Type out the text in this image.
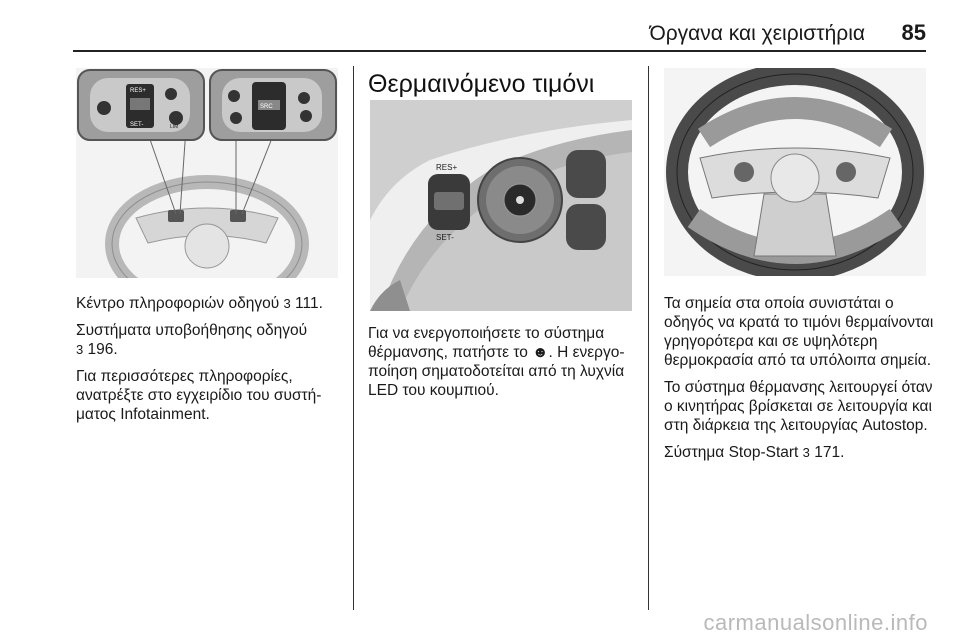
Όργανα και χειριστήρια 85
RES+
SET-	LIM
SRC

Κέντρο πληροφοριών οδηγού 3 111.

Συστήματα υποβοήθησης οδηγού
3 196.

Για περισσότερες πληροφορίες, ανατρέξτε στο εγχειρίδιο του συστήματος Infotainment.

Θερμαινόμενο τιμόνι
RES+
SET-

Για να ενεργοποιήσετε το σύστημα θέρμανσης, πατήστε το ☻. Η ενεργοποίηση σηματοδοτείται από τη λυχνία LED του κουμπιού.

Τα σημεία στα οποία συνιστάται ο οδηγός να κρατά το τιμόνι θερμαίνονται γρηγορότερα και σε υψηλότερη θερμοκρασία από τα υπόλοιπα σημεία.

Το σύστημα θέρμανσης λειτουργεί όταν ο κινητήρας βρίσκεται σε λειτουργία και στη διάρκεια της λειτουργίας Autostop.

Σύστημα Stop-Start 3 171.

carmanualsonline.info
